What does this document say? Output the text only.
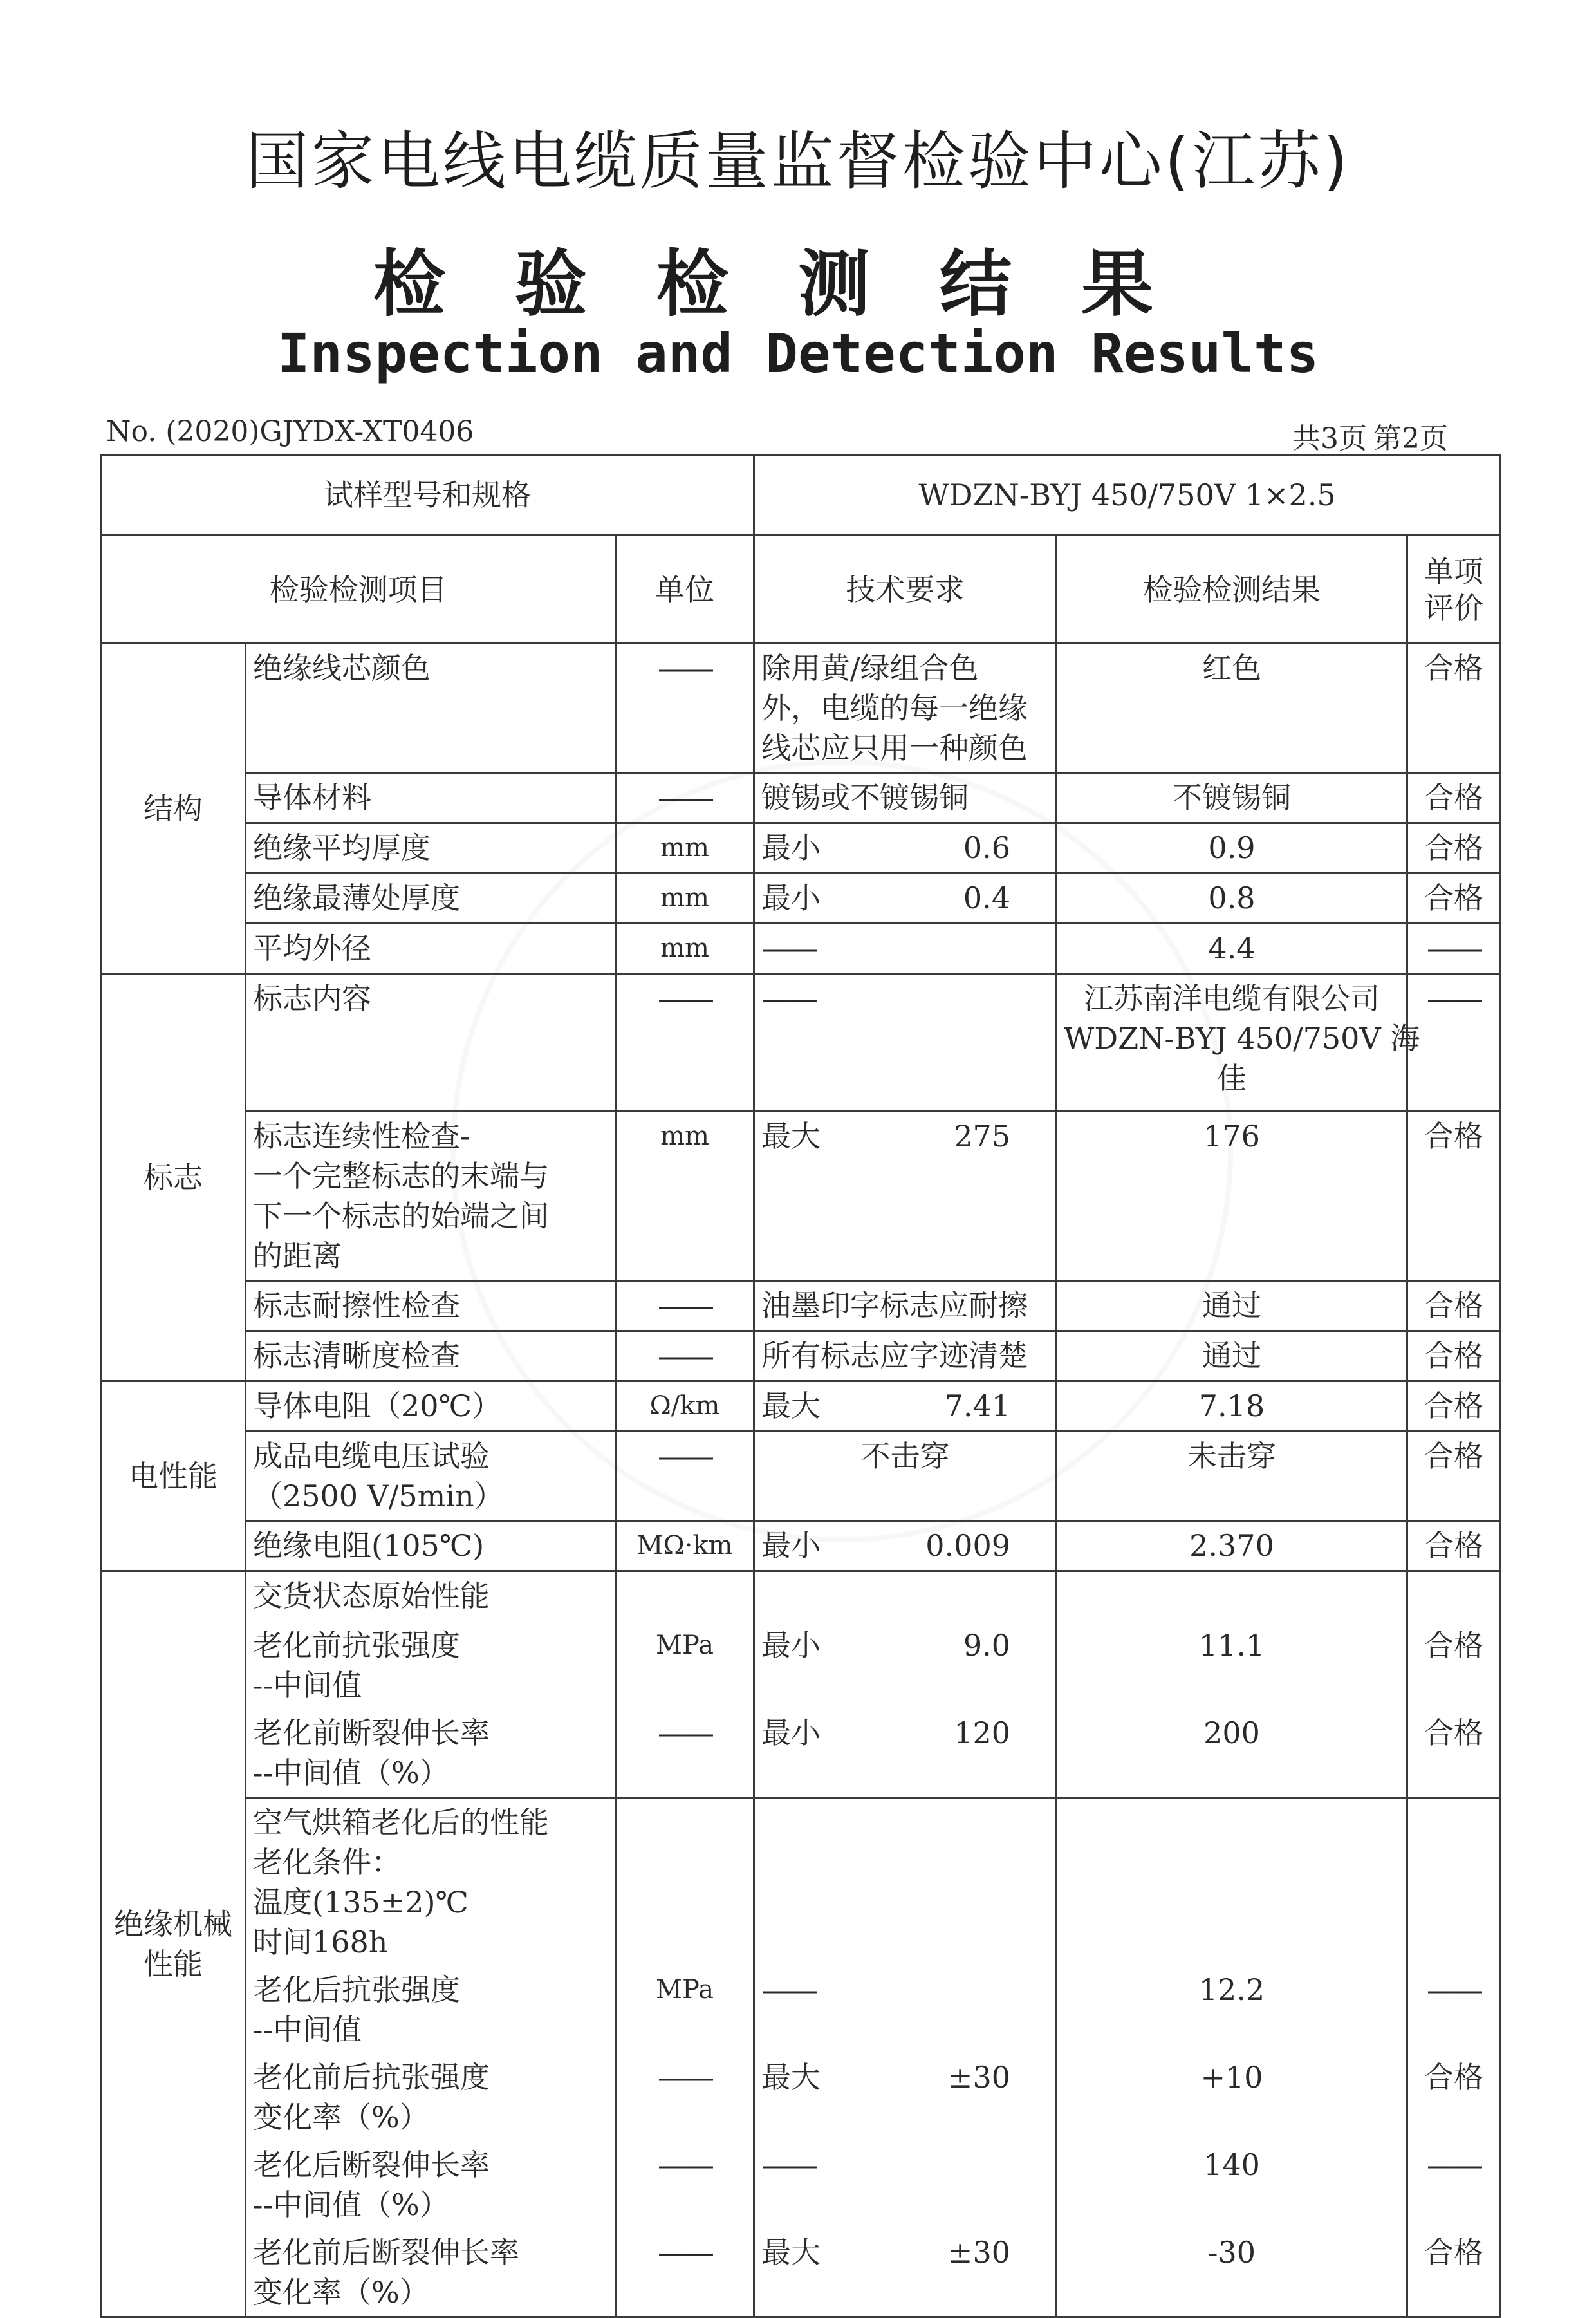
国家电线电缆质量监督检验中心(江苏)
检验检测结果
Inspection and Detection Results
No. (2020)GJYDX-XT0406	共3页 第2页
试样型号和规格			WDZN-BYJ 450/750V 1×2.5		
检验检测项目		单位	技术要求	检验检测结果	单项评价
结构	绝缘线芯颜色	——	除用黄/绿组合色
外，电缆的每一绝缘
线芯应只用一种颜色	红色	合格
	导体材料	——	镀锡或不镀锡铜	不镀锡铜	合格
	绝缘平均厚度	mm	最小 0.6	0.9	合格
	绝缘最薄处厚度	mm	最小 0.4	0.8	合格
	平均外径	mm	——	4.4	——
标志	标志内容	——	——	江苏南洋电缆有限公司
WDZN-BYJ 450/750V 海
佳	——

	标志连续性检查-
一个完整标志的末端与
下一个标志的始端之间
的距离	mm	最大 275	176	合格
	标志耐擦性检查	——	油墨印字标志应耐擦	通过	合格
	标志清晰度检查	——	所有标志应字迹清楚	通过	合格
电性能	导体电阻（20℃）	Ω/km	最大 7.41	7.18	合格

	成品电缆电压试验
（2500 V/5min）	——	不击穿	未击穿	合格
	绝缘电阻(105℃)	MΩ·km	最小 0.009	2.370	合格
绝缘机械性能	交货状态原始性能				

	老化前抗张强度
--中间值	MPa	最小 9.0	11.1	合格

	老化前断裂伸长率
--中间值（%）	——	最小 120	200	合格

	空气烘箱老化后的性能
老化条件：
温度(135±2)℃
时间168h				

	老化后抗张强度
--中间值	MPa	——	12.2	——

	老化前后抗张强度
变化率（%）	——	最大 ±30	+10	合格

	老化后断裂伸长率
--中间值（%）	——	——	140	——

	老化前后断裂伸长率
变化率（%）	——	最大 ±30	-30	合格
